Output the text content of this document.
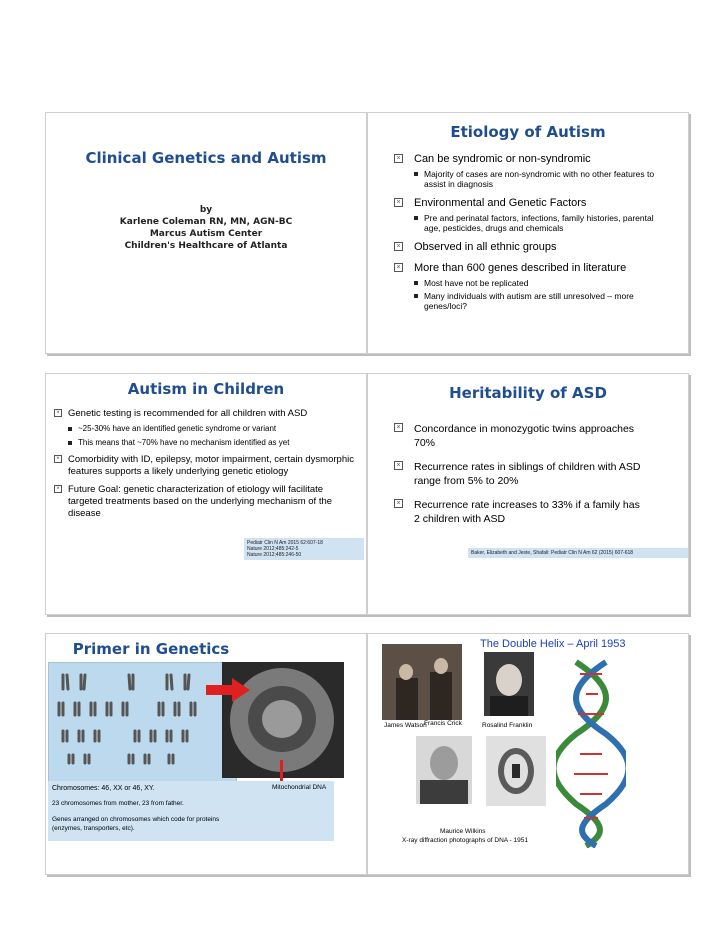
Clinical Genetics and Autism
by
Karlene Coleman RN, MN, AGN-BC
Marcus Autism Center
Children's Healthcare of Atlanta
Etiology of Autism
× Can be syndromic or non-syndromic
Majority of cases are non-syndromic with no other features to assist in diagnosis
× Environmental and Genetic Factors
Pre and perinatal factors, infections, family histories, parental age, pesticides, drugs and chemicals
× Observed in all ethnic groups
× More than 600 genes described in literature
Most have not be replicated
Many individuals with autism are still unresolved – more genes/loci?
Autism in Children
× Genetic testing is recommended for all children with ASD
~25-30% have an identified genetic syndrome or variant
This means that ~70% have no mechanism identified as yet
× Comorbidity with ID, epilepsy, motor impairment, certain dysmorphic features supports a likely underlying genetic etiology
× Future Goal: genetic characterization of etiology will facilitate targeted treatments based on the underlying mechanism of the disease
Pediatr Clin N Am 2015 62:607-18
Nature 2012;485:242-5
Nature 2012;485:246-50
Heritability of ASD
× Concordance in monozygotic twins approaches 70%
× Recurrence rates in siblings of children with ASD range from 5% to 20%
× Recurrence rate increases to 33% if a family has 2 children with ASD
Baker, Elizabeth and Jeste, Shafali: Pediatr Clin N Am 62 (2015) 607-618
Primer in Genetics
Chromosomes: 46, XX or 46, XY.
23 chromosomes from mother, 23 from father.
Genes arranged on chromosomes which code for proteins (enzymes, transporters, etc).
Mitochondrial DNA
The Double Helix – April 1953
James Watson
Francis Crick	Rosalind Franklin
Maurice Wilkins
X-ray diffraction photographs of DNA - 1951
